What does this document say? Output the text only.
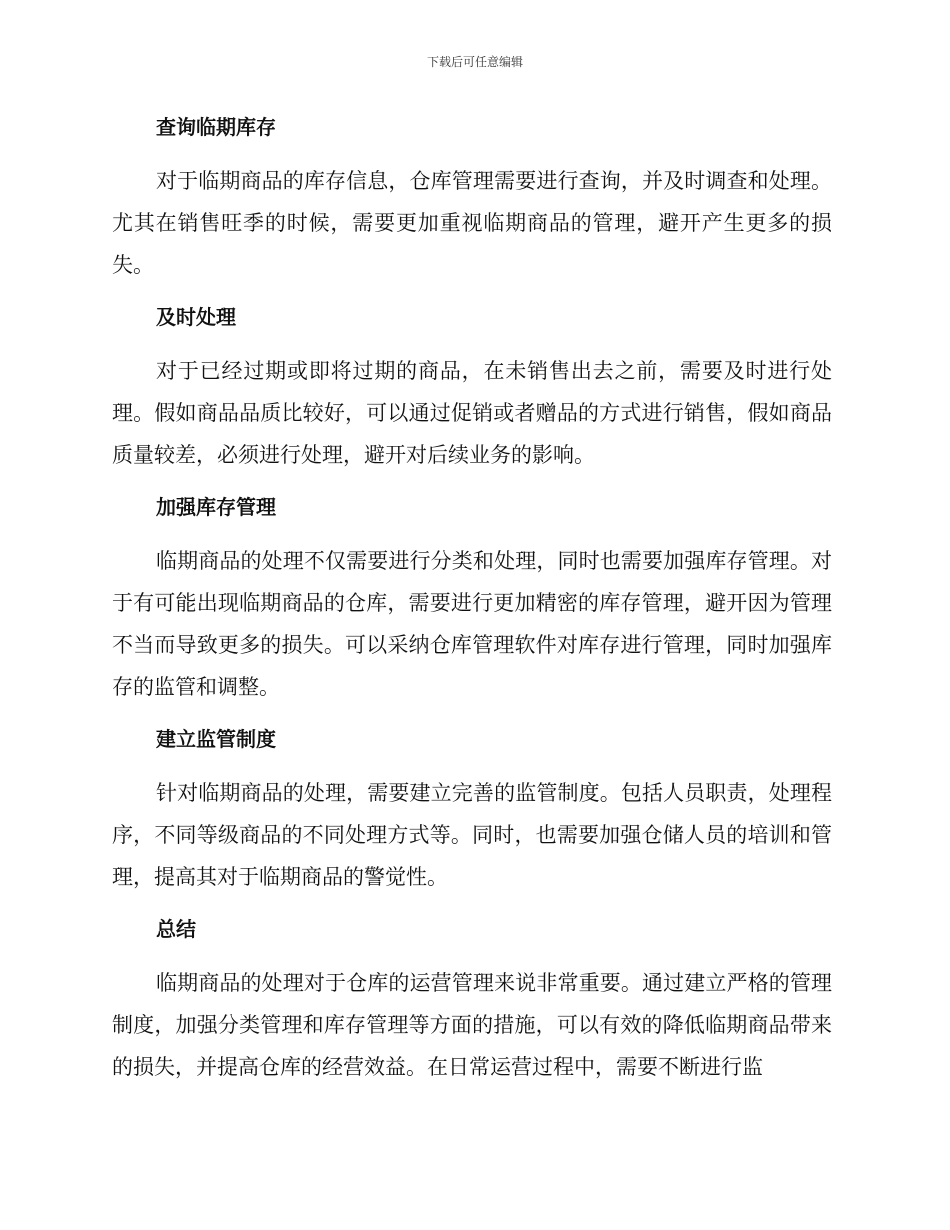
下载后可任意编辑
查询临期库存

对于临期商品的库存信息，仓库管理需要进行查询，并及时调查和处理。尤其在销售旺季的时候，需要更加重视临期商品的管理，避开产生更多的损失。

及时处理

对于已经过期或即将过期的商品，在未销售出去之前，需要及时进行处理。假如商品品质比较好，可以通过促销或者赠品的方式进行销售，假如商品质量较差，必须进行处理，避开对后续业务的影响。

加强库存管理

临期商品的处理不仅需要进行分类和处理，同时也需要加强库存管理。对于有可能出现临期商品的仓库，需要进行更加精密的库存管理，避开因为管理不当而导致更多的损失。可以采纳仓库管理软件对库存进行管理，同时加强库存的监管和调整。

建立监管制度

针对临期商品的处理，需要建立完善的监管制度。包括人员职责，处理程序，不同等级商品的不同处理方式等。同时，也需要加强仓储人员的培训和管理，提高其对于临期商品的警觉性。

总结

临期商品的处理对于仓库的运营管理来说非常重要。通过建立严格的管理制度，加强分类管理和库存管理等方面的措施，可以有效的降低临期商品带来的损失，并提高仓库的经营效益。在日常运营过程中，需要不断进行监
